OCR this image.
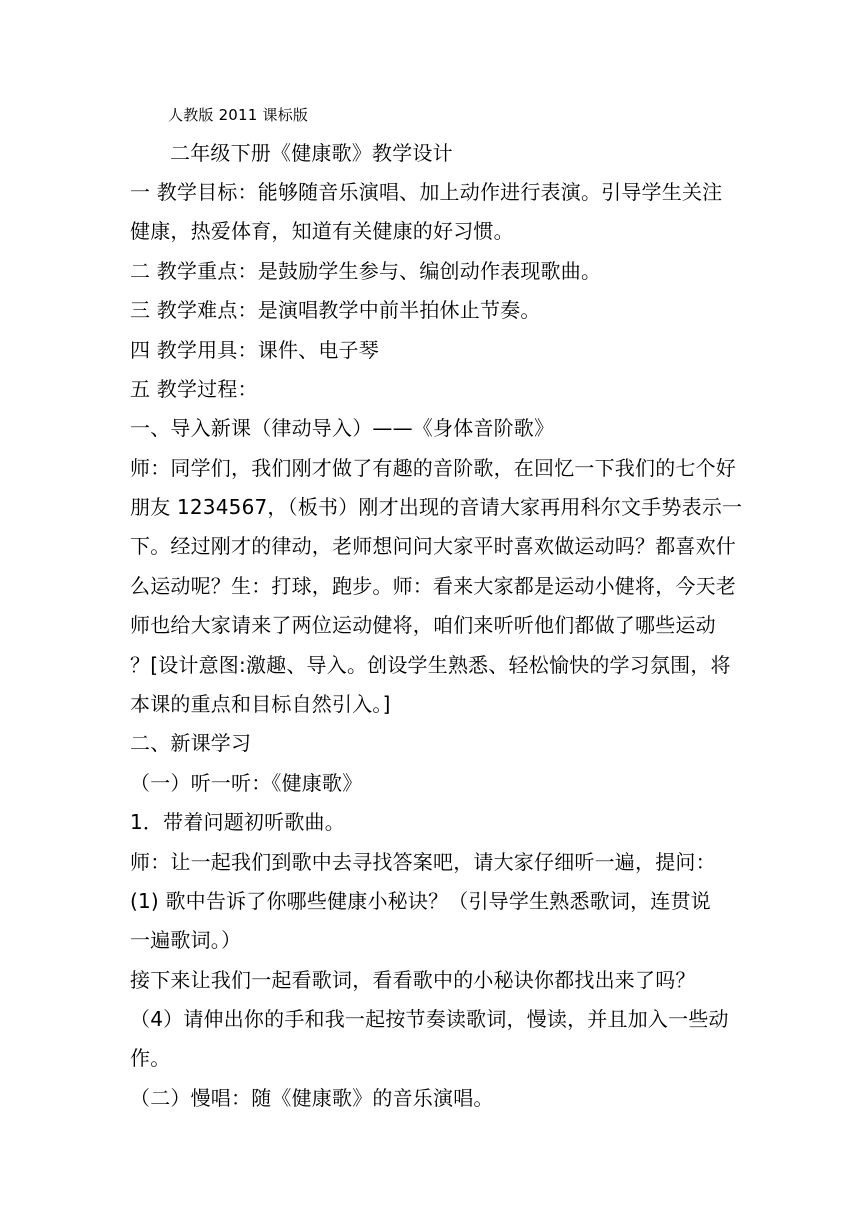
人教版 2011 课标版
二年级下册《健康歌》教学设计
一 教学目标：能够随音乐演唱、加上动作进行表演。引导学生关注
健康，热爱体育，知道有关健康的好习惯。
二 教学重点：是鼓励学生参与、编创动作表现歌曲。
三 教学难点：是演唱教学中前半拍休止节奏。
四 教学用具：课件、电子琴
五 教学过程：
一、导入新课（律动导入）——《身体音阶歌》
师：同学们，我们刚才做了有趣的音阶歌，在回忆一下我们的七个好
朋友 1234567，（板书）刚才出现的音请大家再用科尔文手势表示一
下。经过刚才的律动，老师想问问大家平时喜欢做运动吗？都喜欢什
么运动呢？生：打球，跑步。师：看来大家都是运动小健将，今天老
师也给大家请来了两位运动健将，咱们来听听他们都做了哪些运动
？[设计意图:激趣、导入。创设学生熟悉、轻松愉快的学习氛围，将
本课的重点和目标自然引入。]
二、新课学习
（一）听一听：《健康歌》
1．带着问题初听歌曲。
师：让一起我们到歌中去寻找答案吧，请大家仔细听一遍，提问：
(1) 歌中告诉了你哪些健康小秘诀？（引导学生熟悉歌词，连贯说
一遍歌词。）
接下来让我们一起看歌词，看看歌中的小秘诀你都找出来了吗？
（4）请伸出你的手和我一起按节奏读歌词，慢读，并且加入一些动
作。
（二）慢唱：随《健康歌》的音乐演唱。
